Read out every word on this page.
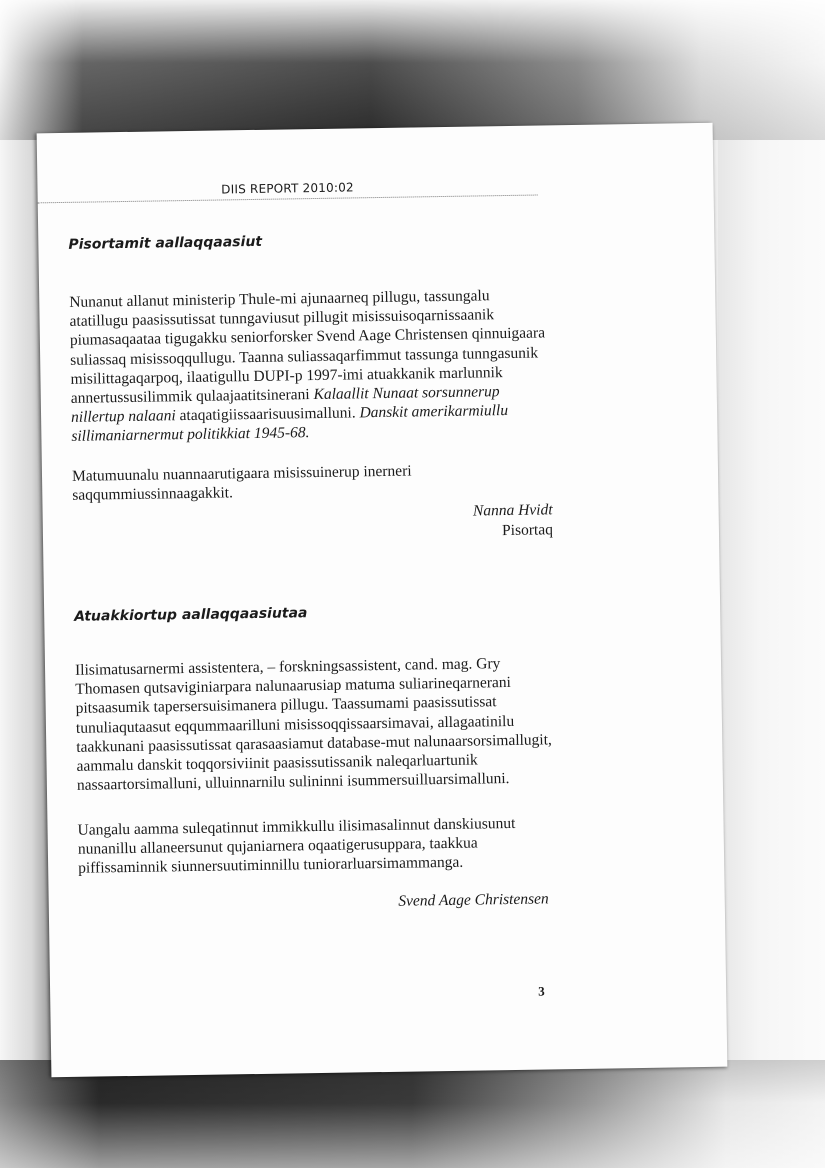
DIIS REPORT 2010:02
Pisortamit aallaqqaasiut

Nunanut allanut ministerip Thule-mi ajunaarneq pillugu, tassungalu atatillugu paasissutissat tunngaviusut pillugit misissuisoqarnissaanik piumasaqaataa tigugakku seniorforsker Svend Aage Christensen qinnuigaara suliassaq misissoqqullugu. Taanna suliassaqarfimmut tassunga tunngasunik misilittagaqarpoq, ilaatigullu DUPI-p 1997-imi atuakkanik marlunnik annertussusilimmik qulaajaatitsinerani Kalaallit Nunaat sorsunnerup nillertup nalaani ataqatigiissaarisuusimalluni. Danskit amerikarmiullu sillimaniarnermut politikkiat 1945-68.

Matumuunalu nuannaarutigaara misissuinerup inerneri saqqummiussinnaagakkit.

Nanna Hvidt
Pisortaq

Atuakkiortup aallaqqaasiutaa

Ilisimatusarnermi assistentera, – forskningsassistent, cand. mag. Gry Thomasen qutsaviginiarpara nalunaarusiap matuma suliarineqarnerani pitsaasumik tapersersuisimanera pillugu. Taassumami paasissutissat tunuliaqutaasut eqqummaarilluni misissoqqissaarsimavai, allagaatinilu taakkunani paasissutissat qarasaasiamut database-mut nalunaarsorsimallugit, aammalu danskit toqqorsiviinit paasissutissanik naleqarluartunik nassaartorsimalluni, ulluinnarnilu sulininni isummersuilluarsimalluni.

Uangalu aamma suleqatinnut immikkullu ilisimasalinnut danskiusunut nunanillu allaneersunut qujaniarnera oqaatigerusuppara, taakkua piffissaminnik siunnersuutiminnillu tuniorarluarsimammanga.

Svend Aage Christensen

3
